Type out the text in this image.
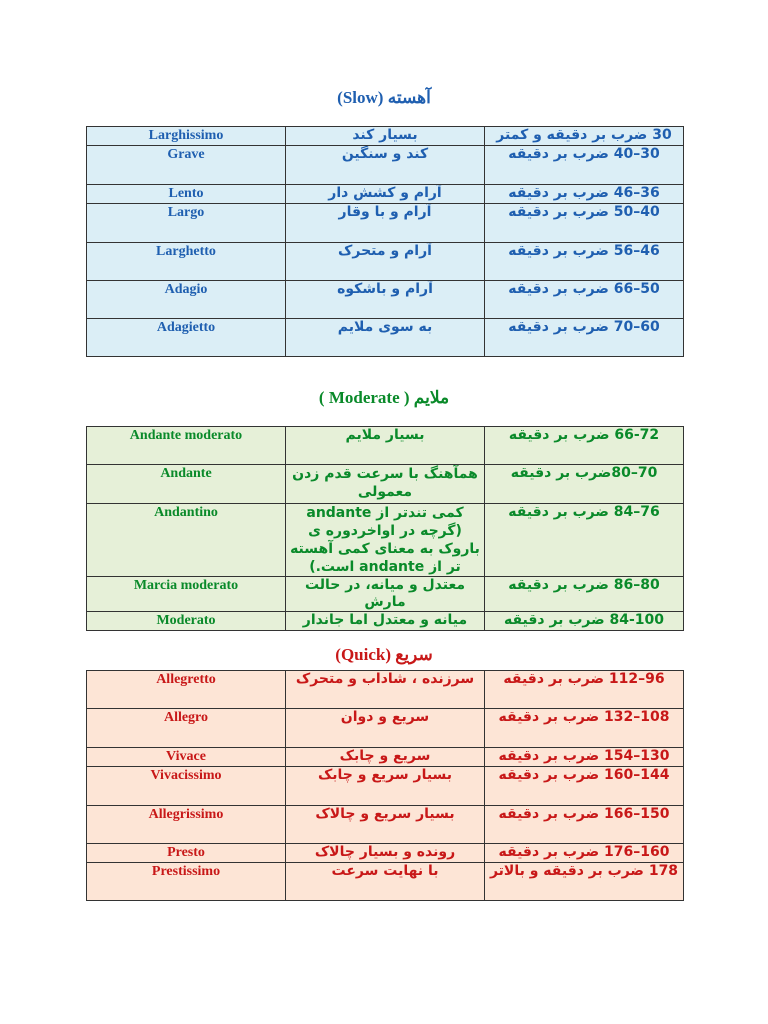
(Slow) آهسته
Larghissimo	بسیار کند	30 ضرب بر دقیقه و کمتر
Grave	کند و سنگین	30–40 ضرب بر دقیقه
Lento	آرام و کشش دار	36–46 ضرب بر دقیقه
Largo	آرام و با وقار	40–50 ضرب بر دقیقه
Larghetto	آرام و متحرک	46–56 ضرب بر دقیقه
Adagio	آرام و باشکوه	50–66 ضرب بر دقیقه
Adagietto	به سوی ملایم	60–70 ضرب بر دقیقه
( Moderate ) ملایم
Andante moderato	بسیار ملایم	66-72 ضرب بر دقیقه
Andante	همآهنگ با سرعت قدم زدن معمولی	70–80ضرب بر دقیقه
Andantino	کمی تندتر از andante (گرچه در اواخردوره ی باروک به معنای کمی آهسته تر از andante است.)	76–84 ضرب بر دقیقه
Marcia moderato	معتدل و میانه، در حالت مارش	80–86 ضرب بر دقیقه
Moderato	میانه و معتدل اما جاندار	84-100 ضرب بر دقیقه
(Quick) سریع
Allegretto	سرزنده ، شاداب و متحرک	96–112 ضرب بر دقیقه
Allegro	سریع و دوان	108–132 ضرب بر دقیقه
Vivace	سریع و چابک	130–154 ضرب بر دقیقه
Vivacissimo	بسیار سریع و چابک	144–160 ضرب بر دقیقه
Allegrissimo	بسیار سریع و چالاک	150–166 ضرب بر دقیقه
Presto	رونده و بسیار چالاک	160–176 ضرب بر دقیقه
Prestissimo	با نهایت سرعت	178 ضرب بر دقیقه و بالاتر
